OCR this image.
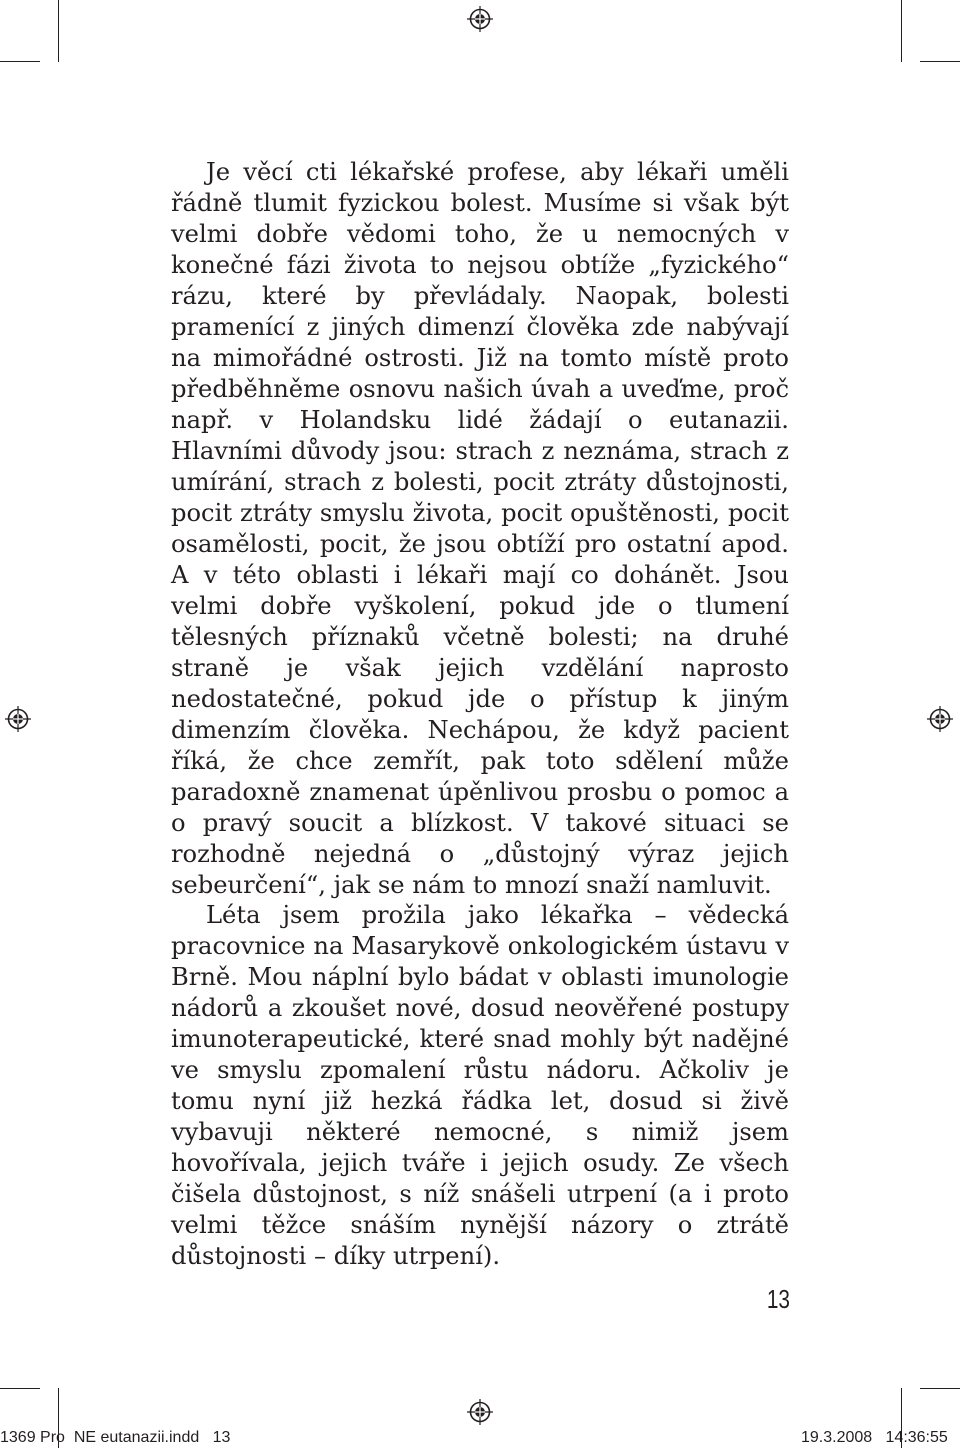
Je věcí cti lékařské profese, aby lékaři uměli řádně tlumit fyzickou bolest. Musíme si však být velmi dobře vědomi toho, že u nemocných v konečné fázi života to nejsou obtíže „fyzického“ rázu, které by převládaly. Naopak, bolesti pramenící z jiných dimenzí člověka zde nabývají na mimořádné ostrosti. Již na tomto místě proto předběhněme osnovu našich úvah a uveďme, proč např. v Holandsku lidé žádají o eutanazii. Hlavními důvody jsou: strach z neznáma, strach z umírání, strach z bolesti, pocit ztráty důstojnosti, pocit ztráty smyslu života, pocit opuštěnosti, pocit osamělosti, pocit, že jsou obtíží pro ostatní apod. A v této oblasti i lékaři mají co dohánět. Jsou velmi dobře vyškolení, pokud jde o tlumení tělesných příznaků včetně bolesti; na druhé straně je však jejich vzdělání naprosto nedostatečné, pokud jde o přístup k jiným dimenzím člověka. Nechápou, že když pacient říká, že chce zemřít, pak toto sdělení může paradoxně znamenat úpěnlivou prosbu o pomoc a o pravý soucit a blízkost. V takové situaci se rozhodně nejedná o „důstojný výraz jejich sebeurčení“, jak se nám to mnozí snaží namluvit.

Léta jsem prožila jako lékařka – vědecká pracovnice na Masarykově onkologickém ústavu v Brně. Mou náplní bylo bádat v oblasti imunologie nádorů a zkoušet nové, dosud neověřené postupy imunoterapeutické, které snad mohly být nadějné ve smyslu zpomalení růstu nádoru. Ačkoliv je tomu nyní již hezká řádka let, dosud si živě vybavuji některé nemocné, s nimiž jsem hovořívala, jejich tváře i jejich osudy. Ze všech čišela důstojnost, s níž snášeli utrpení (a i proto velmi těžce snáším nynější názory o ztrátě důstojnosti – díky utrpení).

13
1369 Pro  NE eutanazii.indd   13	19.3.2008   14:36:55
